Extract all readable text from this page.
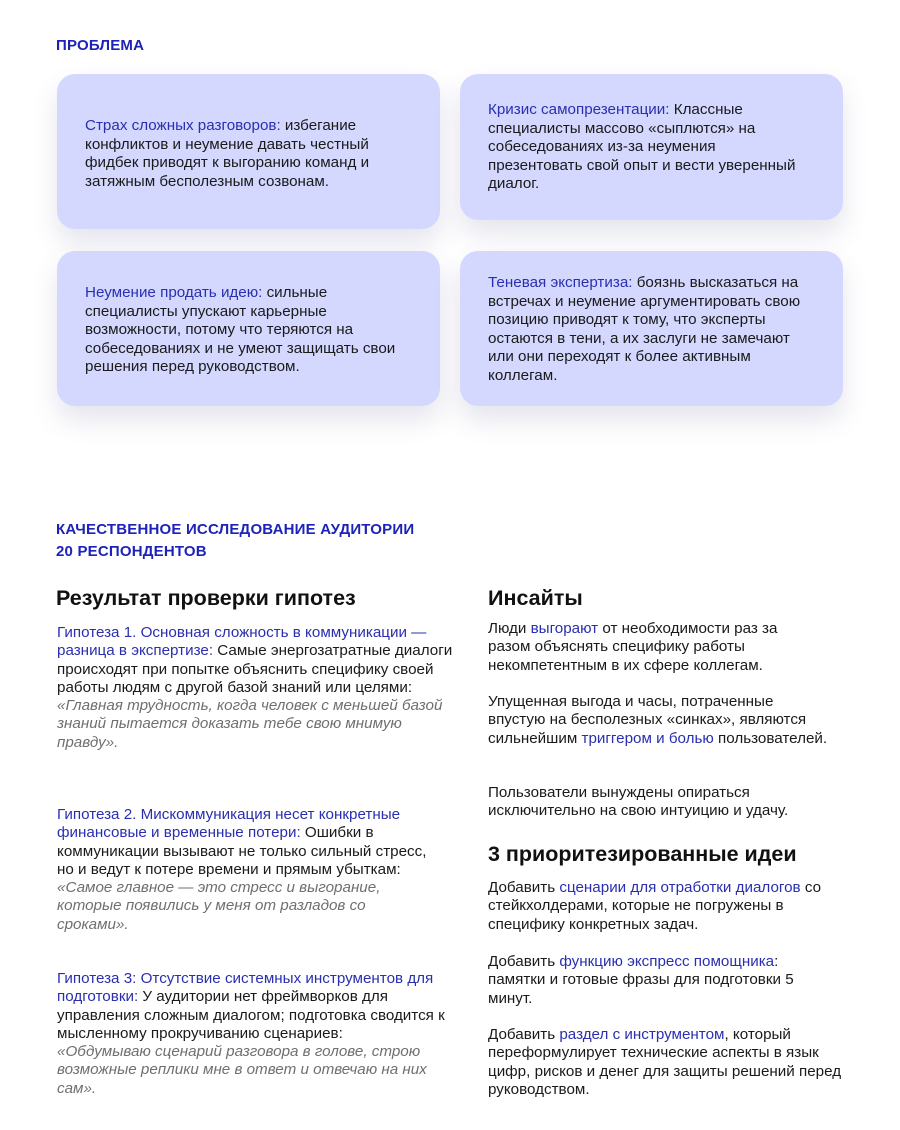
ПРОБЛЕМА

Страх сложных разговоров: избегание конфликтов и неумение давать честный фидбек приводят к выгоранию команд и затяжным бесполезным созвонам.

Кризис самопрезентации: Классные специалисты массово «сыплются» на собеседованиях из-за неумения презентовать свой опыт и вести уверенный диалог.

Неумение продать идею: сильные специалисты упускают карьерные возможности, потому что теряются на собеседованиях и не умеют защищать свои решения перед руководством.

Теневая экспертиза: боязнь высказаться на встречах и неумение аргументировать свою позицию приводят к тому, что эксперты остаются в тени, а их заслуги не замечают или они переходят к более активным коллегам.

КАЧЕСТВЕННОЕ ИССЛЕДОВАНИЕ АУДИТОРИИ
20 РЕСПОНДЕНТОВ
Результат проверки гипотез

Гипотеза 1. Основная сложность в коммуникации — разница в экспертизе: Самые энергозатратные диалоги происходят при попытке объяснить специфику своей работы людям с другой базой знаний или целями:
«Главная трудность, когда человек с меньшей базой знаний пытается доказать тебе свою мнимую правду».

Гипотеза 2. Мискоммуникация несет конкретные финансовые и временные потери: Ошибки в коммуникации вызывают не только сильный стресс, но и ведут к потере времени и прямым убыткам:
«Самое главное — это стресс и выгорание, которые появились у меня от разладов со сроками».

Гипотеза 3: Отсутствие системных инструментов для подготовки: У аудитории нет фреймворков для управления сложным диалогом; подготовка сводится к мысленному прокручиванию сценариев:
«Обдумываю сценарий разговора в голове, строю возможные реплики мне в ответ и отвечаю на них сам».

Инсайты

Люди выгорают от необходимости раз за разом объяснять специфику работы некомпетентным в их сфере коллегам.

Упущенная выгода и часы, потраченные впустую на бесполезных «синках», являются сильнейшим триггером и болью пользователей.

Пользователи вынуждены опираться исключительно на свою интуицию и удачу.

3 приоритезированные идеи

Добавить сценарии для отработки диалогов со стейкхолдерами, которые не погружены в специфику конкретных задач.

Добавить функцию экспресс помощника: памятки и готовые фразы для подготовки 5 минут.

Добавить раздел с инструментом, который переформулирует технические аспекты в язык цифр, рисков и денег для защиты решений перед руководством.
